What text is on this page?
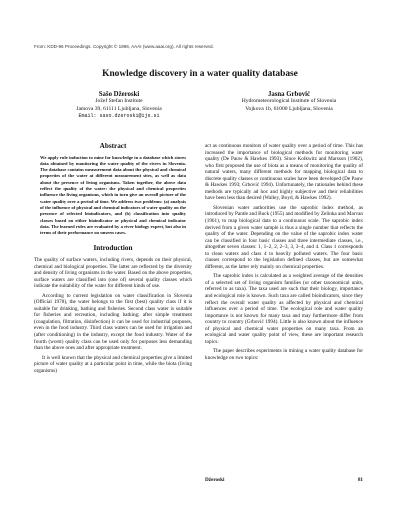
From: KDD-96 Proceedings. Copyright © 1996, AAAI (www.aaai.org). All rights reserved.
Knowledge discovery in a water quality database
Sašo Džeroski
Jožef Stefan Institute
Jamova 39, 61111 Ljubljana, Slovenia
Email: saso.dzeroski@ijs.si
Jasna Grbović
Hydrometeorological Institute of Slovenia
Vojkova 1b, 61000 Ljubljana, Slovenia
Abstract
We apply rule induction to mine for knowledge in a database which stores data obtained by monitoring the water quality of the rivers in Slovenia. The database contains measurement data about the physical and chemical properties of the water at different measurement sites, as well as data about the presence of living organisms. Taken together, the above data reflect the quality of the water: the physical and chemical properties influence the living organisms, which in turn give an overall picture of the water quality over a period of time. We address two problems: (a) analysis of the influence of physical and chemical indicators of water quality on the presence of selected bioindicators, and (b) classification into quality classes based on either bioindicator or physical and chemical indicator data. The learned rules are evaluated by a river biology expert, but also in terms of their performance on unseen cases.
Introduction

The quality of surface waters, including rivers, depends on their physical, chemical and biological properties. The latter are reflected by the diversity and density of living organisms in the water. Based on the above properties, surface waters are classified into (one of) several quality classes which indicate the suitability of the water for different kinds of use.

According to current legislation on water classification in Slovenia (Official 1978), the water belongs to the first (best) quality class if it is suitable for drinking, bathing and fisheries. Second class water is suitable for fisheries and recreation, including bathing; after simple treatment (coagulation, filtration, disinfection) it can be used for industrial purposes, even in the food industry. Third class waters can be used for irrigation and (after conditioning) in the industry, except the food industry. Water of the fourth (worst) quality class can be used only for purposes less demanding than the above ones and after appropriate treatment.

It is well known that the physical and chemical properties give a limited picture of water quality at a particular point in time, while the biota (living organisms)

act as continuous monitors of water quality over a period of time. This has increased the importance of biological methods for monitoring water quality (De Pauw & Hawkes 1993). Since Kolkwitz and Marsson (1902), who first proposed the use of biota as a means of monitoring the quality of natural waters, many different methods for mapping biological data to discrete quality classes or continuous scales have been developed (De Pauw & Hawkes 1993; Grbović 1994). Unfortunately, the rationales behind these methods are typically ad hoc and highly subjective and their reliabilities have been less than desired (Walley, Boyd, & Hawkes 1992).

Slovenian water authorities use the saprobic index method, as introduced by Pantle and Buck (1955) and modified by Zelinka and Marvan (1961), to map biological data to a continuous scale. The saprobic index derived from a given water sample is thus a single number that reflects the quality of the water. Depending on the value of the saprobic index water can be classified in four basic classes and three intermediate classes, i.e., altogether seven classes: 1, 1–2, 2, 2–3, 3, 3–4, and 4. Class 1 corresponds to clean waters and class 4 to heavily polluted waters. The four basic classes correspond to the legislation defined classes, but are somewhat different, as the latter rely mainly on chemical properties.

The saprobic index is calculated as a weighted average of the densities of a selected set of living organism families (or other taxonomical units, referred to as taxa). The taxa used are such that their biology, importance and ecological role is known. Such taxa are called bioindicators, since they reflect the overall water quality as affected by physical and chemical influences over a period of time. The ecological role and water quality importance is not known for many taxa and may furthermore differ from country to country (Grbović 1994). Little is also known about the influence of physical and chemical water properties on many taxa. From an ecological and water quality point of view, these are important research topics.

The paper describes experiments in mining a water quality database for knowledge on two topics:

Džeroski	81
